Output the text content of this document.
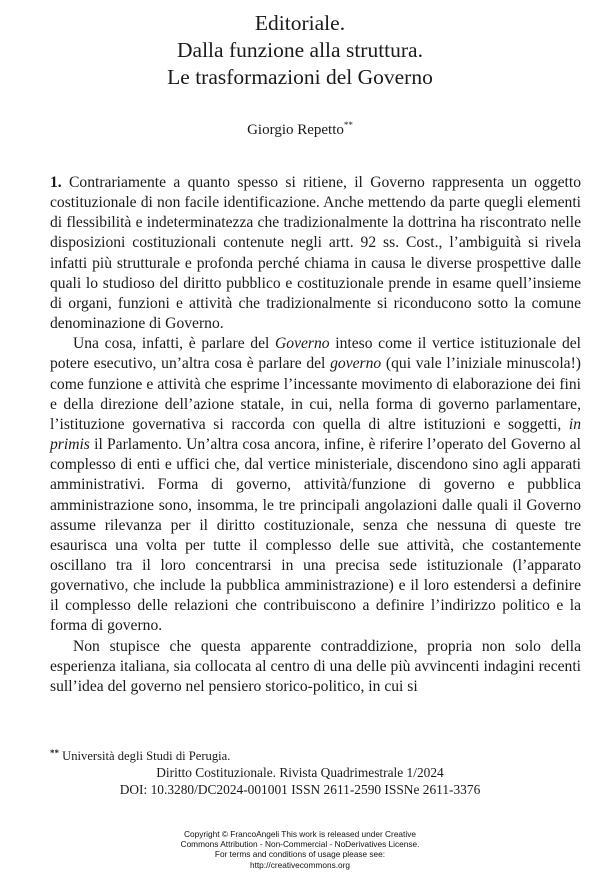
Editoriale.
Dalla funzione alla struttura.
Le trasformazioni del Governo
Giorgio Repetto**

1. Contrariamente a quanto spesso si ritiene, il Governo rappresenta un oggetto costituzionale di non facile identificazione. Anche mettendo da parte quegli elementi di flessibilità e indeterminatezza che tradizionalmente la dottrina ha riscontrato nelle disposizioni costituzionali contenute negli artt. 92 ss. Cost., l’ambiguità si rivela infatti più strutturale e profonda perché chiama in causa le diverse prospettive dalle quali lo studioso del diritto pubblico e costituzionale prende in esame quell’insieme di organi, funzioni e attività che tradizionalmente si riconducono sotto la comune denominazione di Governo.

Una cosa, infatti, è parlare del Governo inteso come il vertice istituzionale del potere esecutivo, un’altra cosa è parlare del governo (qui vale l’iniziale minuscola!) come funzione e attività che esprime l’incessante movimento di elaborazione dei fini e della direzione dell’azione statale, in cui, nella forma di governo parlamentare, l’istituzione governativa si raccorda con quella di altre istituzioni e soggetti, in primis il Parlamento. Un’altra cosa ancora, infine, è riferire l’operato del Governo al complesso di enti e uffici che, dal vertice ministeriale, discendono sino agli apparati amministrativi. Forma di governo, attività/funzione di governo e pubblica amministrazione sono, insomma, le tre principali angolazioni dalle quali il Governo assume rilevanza per il diritto costituzionale, senza che nessuna di queste tre esaurisca una volta per tutte il complesso delle sue attività, che costantemente oscillano tra il loro concentrarsi in una precisa sede istituzionale (l’apparato governativo, che include la pubblica amministrazione) e il loro estendersi a definire il complesso delle relazioni che contribuiscono a definire l’indirizzo politico e la forma di governo.

Non stupisce che questa apparente contraddizione, propria non solo della esperienza italiana, sia collocata al centro di una delle più avvincenti indagini recenti sull’idea del governo nel pensiero storico-politico, in cui si

** Università degli Studi di Perugia.
Diritto Costituzionale. Rivista Quadrimestrale 1/2024
DOI: 10.3280/DC2024-001001 ISSN 2611-2590 ISSNe 2611-3376
Copyright © FrancoAngeli This work is released under Creative
Commons Attribution - Non-Commercial - NoDerivatives License.
For terms and conditions of usage please see:
http://creativecommons.org
